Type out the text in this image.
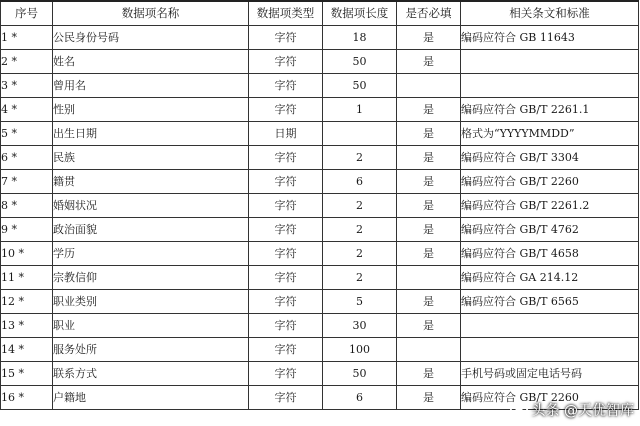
序号	数据项名称	数据项类型	数据项长度	是否必填	相关条文和标准
1 *	公民身份号码	字符	18	是	编码应符合 GB 11643
2 *	姓名	字符	50	是	
3 *	曾用名	字符	50		
4 *	性别	字符	1	是	编码应符合 GB/T 2261.1
5 *	出生日期	日期		是	格式为“YYYYMMDD”
6 *	民族	字符	2	是	编码应符合 GB/T 3304
7 *	籍贯	字符	6	是	编码应符合 GB/T 2260
8 *	婚姻状况	字符	2	是	编码应符合 GB/T 2261.2
9 *	政治面貌	字符	2	是	编码应符合 GB/T 4762
10 *	学历	字符	2	是	编码应符合 GB/T 4658
11 *	宗教信仰	字符	2		编码应符合 GA 214.12
12 *	职业类别	字符	5	是	编码应符合 GB/T 6565
13 *	职业	字符	30	是	
14 *	服务处所	字符	100		
15 *	联系方式	字符	50	是	手机号码或固定电话号码
16 *	户籍地	字符	6	是	编码应符合 GB/T 2260
头条 @天优智库
